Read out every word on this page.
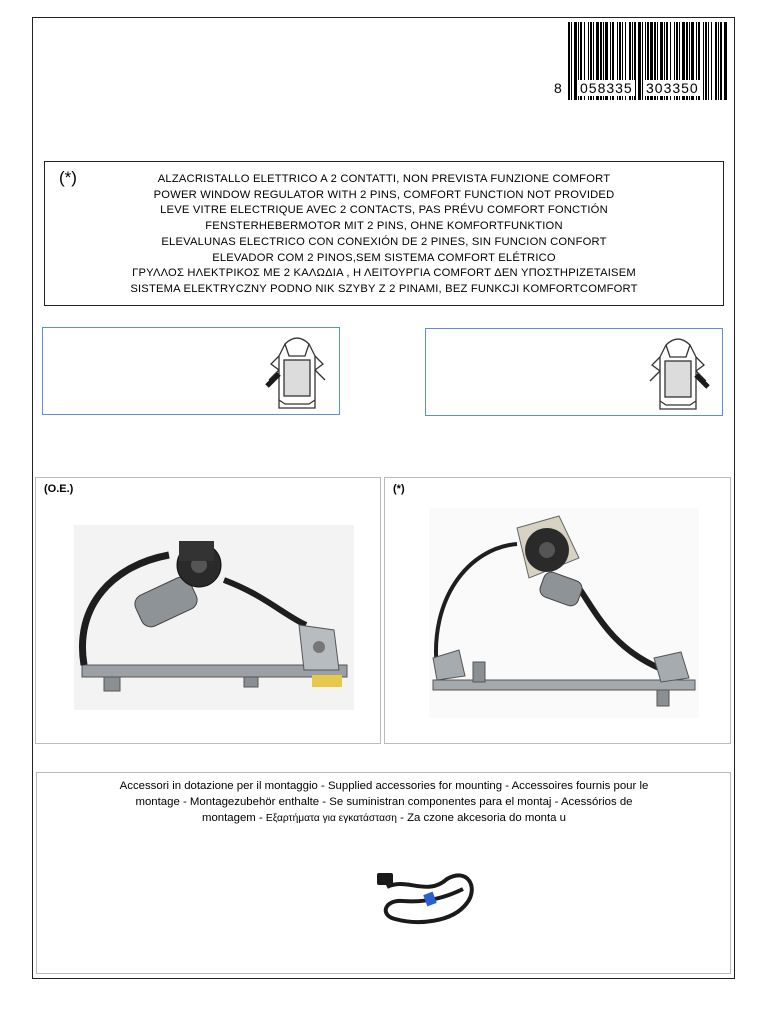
8 058335 303350
(*)	ALZACRISTALLO ELETTRICO A 2 CONTATTI, NON PREVISTA FUNZIONE COMFORT
POWER WINDOW REGULATOR WITH 2 PINS, COMFORT FUNCTION NOT PROVIDED
LEVE VITRE ELECTRIQUE AVEC 2 CONTACTS, PAS PRÉVU COMFORT FONCTIÓN
FENSTERHEBERMOTOR MIT 2 PINS, OHNE KOMFORTFUNKTION
ELEVALUNAS ELECTRICO CON CONEXIÓN DE 2 PINES, SIN FUNCION CONFORT
ELEVADOR COM 2 PINOS,SEM SISTEMA COMFORT ELÉTRICO
ΓΡΥΛΛΟΣ ΗΛΕΚΤΡΙΚΟΣ ΜΕ 2 ΚΑΛΩΔΙΑ , Η ΛΕΙΤΟΥΡΓΙΑ COMFORT ΔΕΝ ΥΠΟΣΤΗΡΙΖΕΤΑΙSEM
SISTEMA ELEKTRYCZNY PODNO NIK SZYBY Z 2 PINAMI, BEZ FUNKCJI KOMFORTCOMFORT
(O.E.)	(*)
Accessori in dotazione per il montaggio - Supplied accessories for mounting - Accessoires fournis pour le
montage - Montagezubehör enthalte - Se suministran componentes para el montaj - Acessórios de
montagem - Εξαρτήματα για εγκατάσταση - Za czone akcesoria do monta u
